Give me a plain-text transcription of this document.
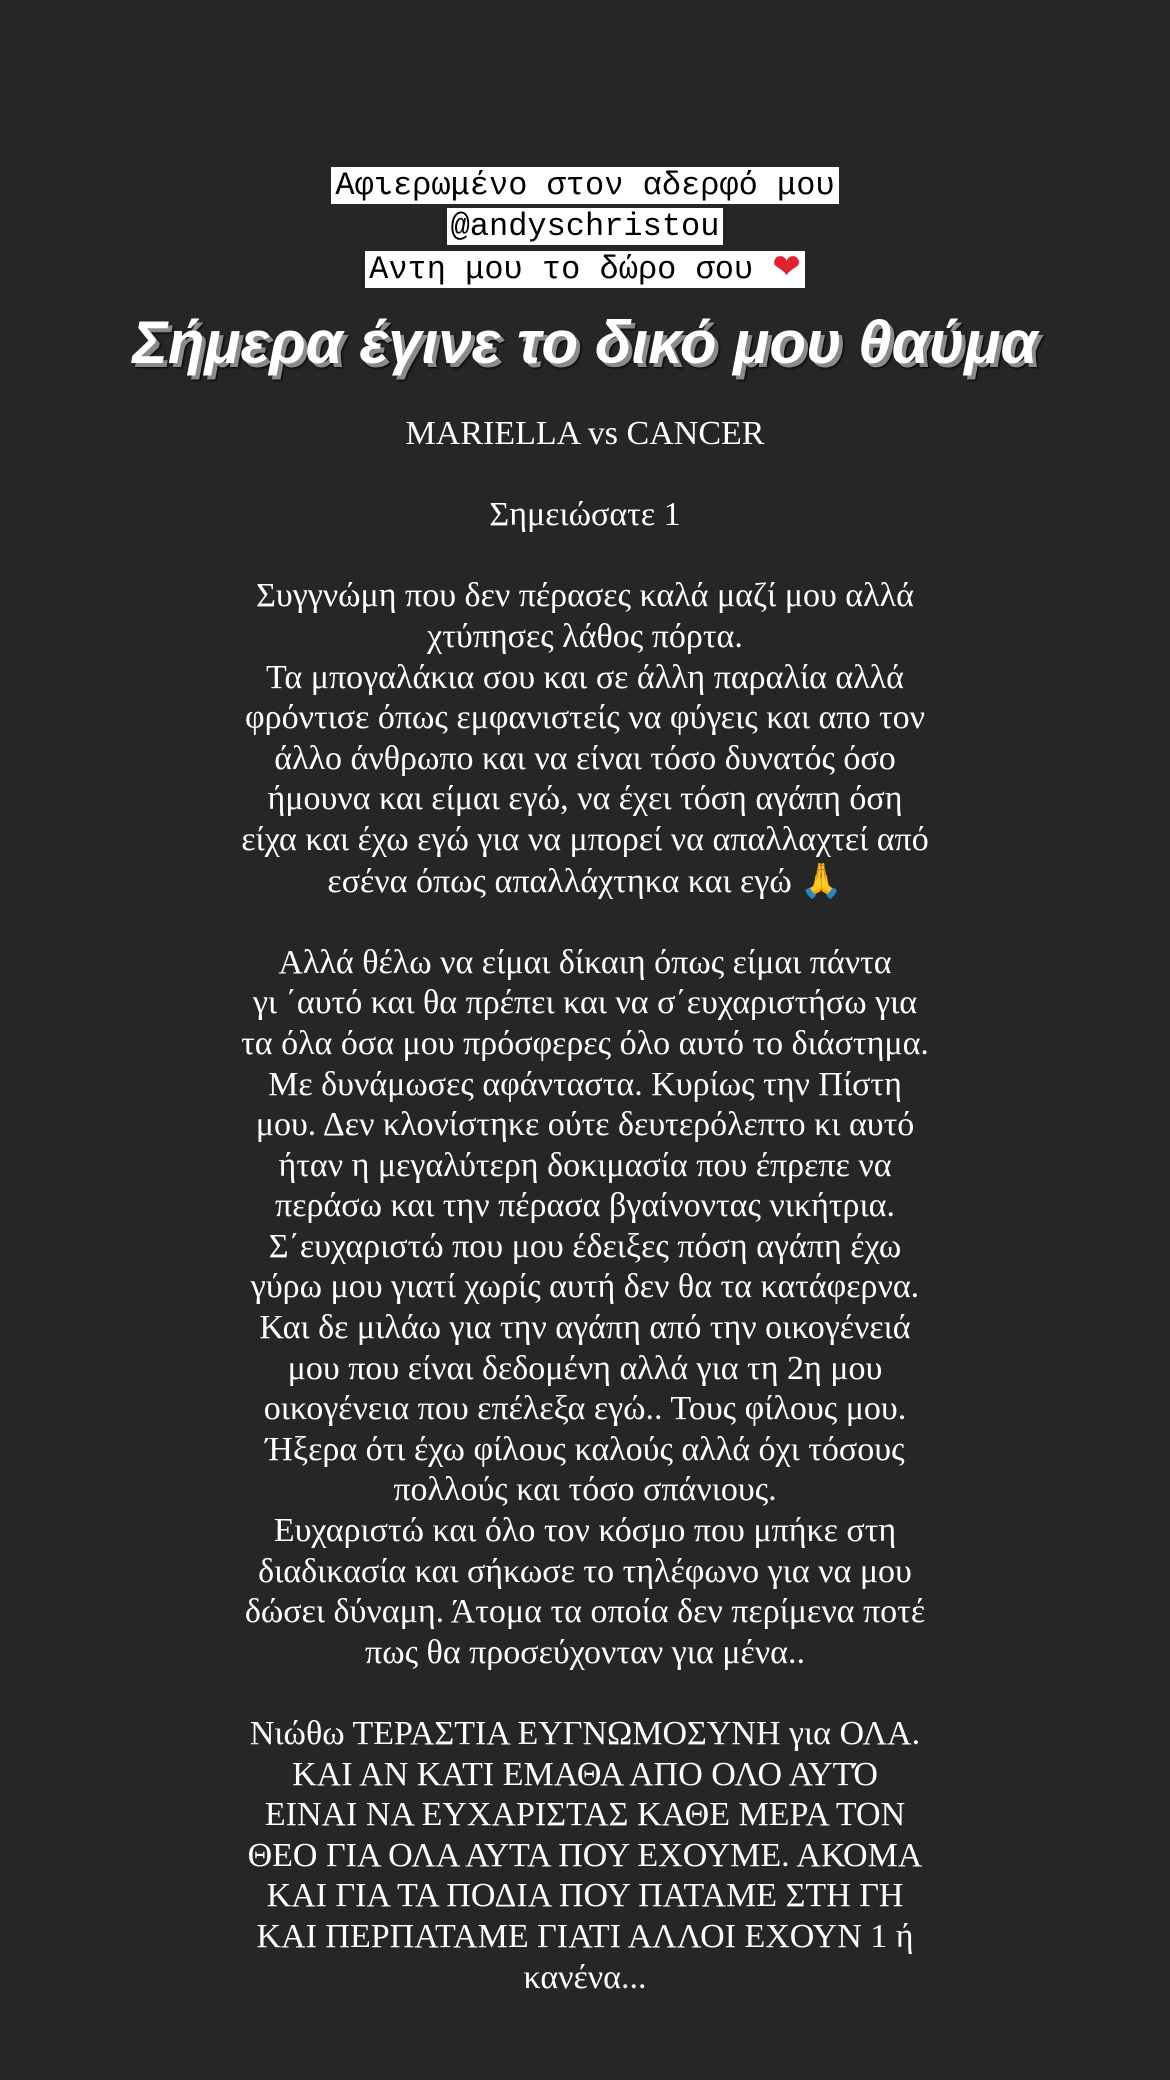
Αφιερωμένο στον αδερφό μου
@andyschristou
Αντη μου το δώρο σου ❤
Σήμερα έγινε το δικό μου θαύμα

MARIELLA vs CANCER

Σημειώσατε 1

Συγγνώμη που δεν πέρασες καλά μαζί μου αλλά
χτύπησες λάθος πόρτα.
Τα μπογαλάκια σου και σε άλλη παραλία αλλά
φρόντισε όπως εμφανιστείς να φύγεις και απο τον
άλλο άνθρωπο και να είναι τόσο δυνατός όσο
ήμουνα και είμαι εγώ, να έχει τόση αγάπη όση
είχα και έχω εγώ για να μπορεί να απαλλαχτεί από
εσένα όπως απαλλάχτηκα και εγώ 🙏

Αλλά θέλω να είμαι δίκαιη όπως είμαι πάντα
γι ΄αυτό και θα πρέπει και να σ΄ευχαριστήσω για
τα όλα όσα μου πρόσφερες όλο αυτό το διάστημα.
Με δυνάμωσες αφάνταστα. Κυρίως την Πίστη
μου. Δεν κλονίστηκε ούτε δευτερόλεπτο κι αυτό
ήταν η μεγαλύτερη δοκιμασία που έπρεπε να
περάσω και την πέρασα βγαίνοντας νικήτρια.
Σ΄ευχαριστώ που μου έδειξες πόση αγάπη έχω
γύρω μου γιατί χωρίς αυτή δεν θα τα κατάφερνα.
Και δε μιλάω για την αγάπη από την οικογένειά
μου που είναι δεδομένη αλλά για τη 2η μου
οικογένεια που επέλεξα εγώ.. Τους φίλους μου.
Ήξερα ότι έχω φίλους καλούς αλλά όχι τόσους
πολλούς και τόσο σπάνιους.
Ευχαριστώ και όλο τον κόσμο που μπήκε στη
διαδικασία και σήκωσε το τηλέφωνο για να μου
δώσει δύναμη. Άτομα τα οποία δεν περίμενα ποτέ
πως θα προσεύχονταν για μένα..

Νιώθω ΤΕΡΑΣΤΙΑ ΕΥΓΝΩΜΟΣΥΝΗ για ΟΛΑ.
ΚΑΙ ΑΝ ΚΑΤΙ ΕΜΑΘΑ ΑΠΟ ΟΛΟ ΑΥΤΌ
ΕΙΝΑΙ ΝΑ ΕΥΧΑΡΙΣΤΑΣ ΚΑΘΕ ΜΕΡΑ ΤΟΝ
ΘΕΟ ΓΙΑ ΟΛΑ ΑΥΤΑ ΠΟΥ ΕΧΟΥΜΕ. ΑΚΟΜΑ
ΚΑΙ ΓΙΑ ΤΑ ΠΟΔΙΑ ΠΟΥ ΠΑΤΑΜΕ ΣΤΗ ΓΗ
ΚΑΙ ΠΕΡΠΑΤΑΜΕ ΓΙΑΤΙ ΑΛΛΟΙ ΕΧΟΥΝ 1 ή
κανένα...
